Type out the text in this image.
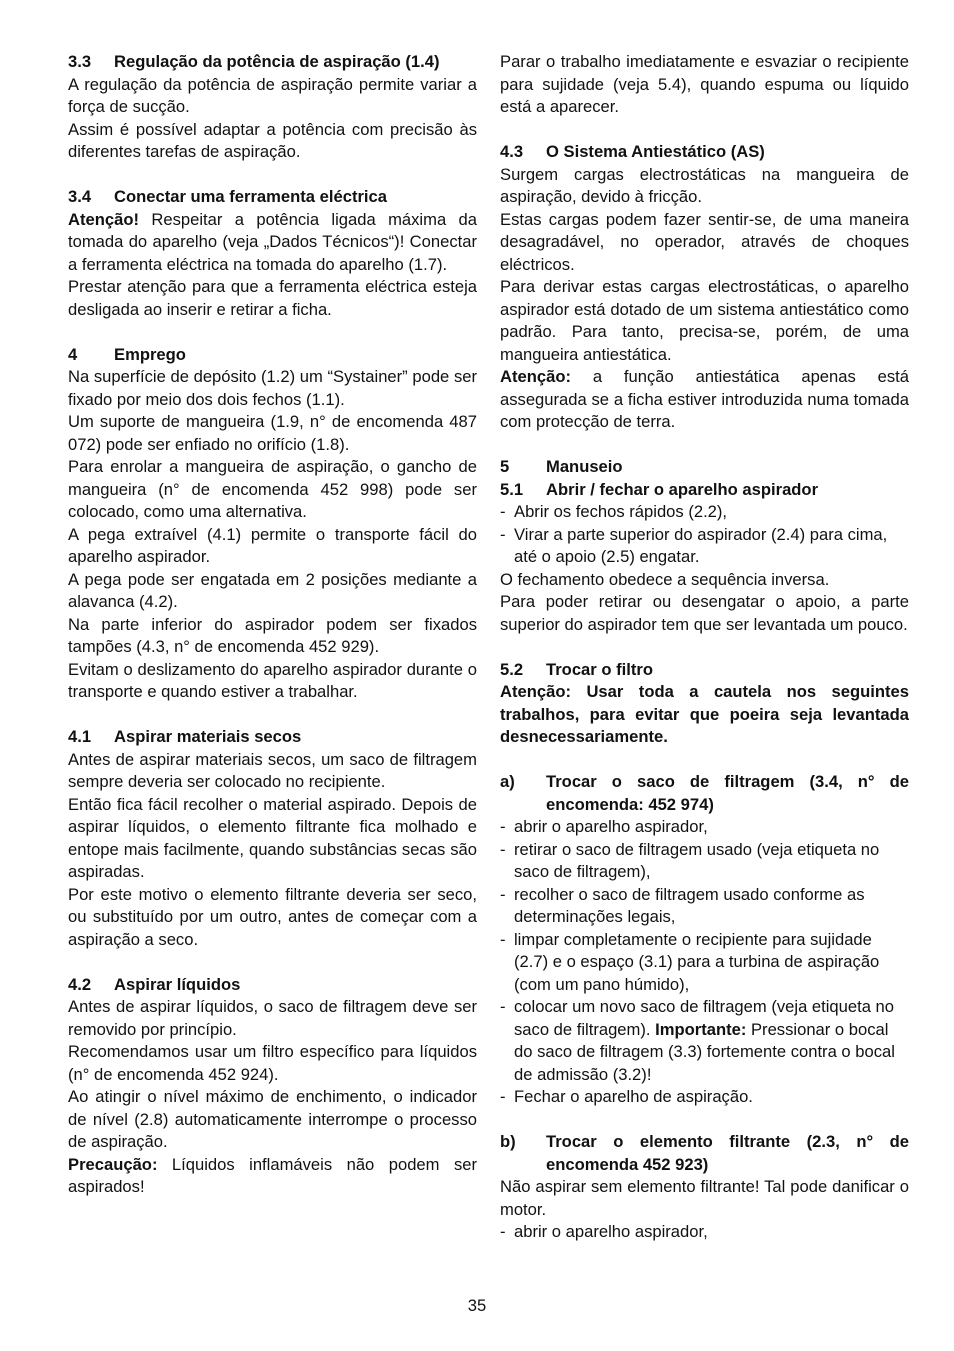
3.3 Regulação da potência de aspiração (1.4)

A regulação da potência de aspiração permite variar a força de sucção.

Assim é possível adaptar a potência com precisão às diferentes tarefas de aspiração.

3.4 Conectar uma ferramenta eléctrica

Atenção! Respeitar a potência ligada máxima da tomada do aparelho (veja „Dados Técnicos“)! Conectar a ferramenta eléctrica na tomada do aparelho (1.7).

Prestar atenção para que a ferramenta eléctrica esteja desligada ao inserir e retirar a ficha.

4 Emprego

Na superfície de depósito (1.2) um “Systainer” pode ser fixado por meio dos dois fechos (1.1).

Um suporte de mangueira (1.9, n° de encomenda 487 072) pode ser enfiado no orifício (1.8).

Para enrolar a mangueira de aspiração, o gancho de mangueira (n° de encomenda 452 998) pode ser colocado, como uma alternativa.

A pega extraível (4.1) permite o transporte fácil do aparelho aspirador.

A pega pode ser engatada em 2 posições mediante a alavanca (4.2).

Na parte inferior do aspirador podem ser fixados tampões (4.3, n° de encomenda 452 929).

Evitam o deslizamento do aparelho aspirador durante o transporte e quando estiver a trabalhar.

4.1 Aspirar materiais secos

Antes de aspirar materiais secos, um saco de filtragem sempre deveria ser colocado no recipiente.

Então fica fácil recolher o material aspirado. Depois de aspirar líquidos, o elemento filtrante fica molhado e entope mais facilmente, quando substâncias secas são aspiradas.

Por este motivo o elemento filtrante deveria ser seco, ou substituído por um outro, antes de começar com a aspiração a seco.

4.2 Aspirar líquidos

Antes de aspirar líquidos, o saco de filtragem deve ser removido por princípio.

Recomendamos usar um filtro específico para líquidos (n° de encomenda 452 924).

Ao atingir o nível máximo de enchimento, o indicador de nível (2.8) automaticamente interrompe o processo de aspiração.

Precaução: Líquidos inflamáveis não podem ser aspirados!

Parar o trabalho imediatamente e esvaziar o recipiente para sujidade (veja 5.4), quando espuma ou líquido está a aparecer.

4.3 O Sistema Antiestático (AS)

Surgem cargas electrostáticas na mangueira de aspiração, devido à fricção.

Estas cargas podem fazer sentir-se, de uma maneira desagradável, no operador, através de choques eléctricos.

Para derivar estas cargas electrostáticas, o aparelho aspirador está dotado de um sistema antiestático como padrão. Para tanto, precisa-se, porém, de uma mangueira antiestática.

Atenção: a função antiestática apenas está assegurada se a ficha estiver introduzida numa tomada com protecção de terra.

5 Manuseio

5.1 Abrir / fechar o aparelho aspirador

- Abrir os fechos rápidos (2.2),

- Virar a parte superior do aspirador (2.4) para cima, até o apoio (2.5) engatar.

O fechamento obedece a sequência inversa.

Para poder retirar ou desengatar o apoio, a parte superior do aspirador tem que ser levantada um pouco.

5.2 Trocar o filtro

Atenção: Usar toda a cautela nos seguintes trabalhos, para evitar que poeira seja levantada desnecessariamente.

a) Trocar o saco de filtragem (3.4, n° de encomenda: 452 974)

- abrir o aparelho aspirador,

- retirar o saco de filtragem usado (veja etiqueta no saco de filtragem),

- recolher o saco de filtragem usado conforme as determinações legais,

- limpar completamente o recipiente para sujidade (2.7) e o espaço (3.1) para a turbina de aspiração (com um pano húmido),

- colocar um novo saco de filtragem (veja etiqueta no saco de filtragem). Importante: Pressionar o bocal do saco de filtragem (3.3) fortemente contra o bocal de admissão (3.2)!

- Fechar o aparelho de aspiração.

b) Trocar o elemento filtrante (2.3, n° de encomenda 452 923)

Não aspirar sem elemento filtrante! Tal pode danificar o motor.

- abrir o aparelho aspirador,

35
